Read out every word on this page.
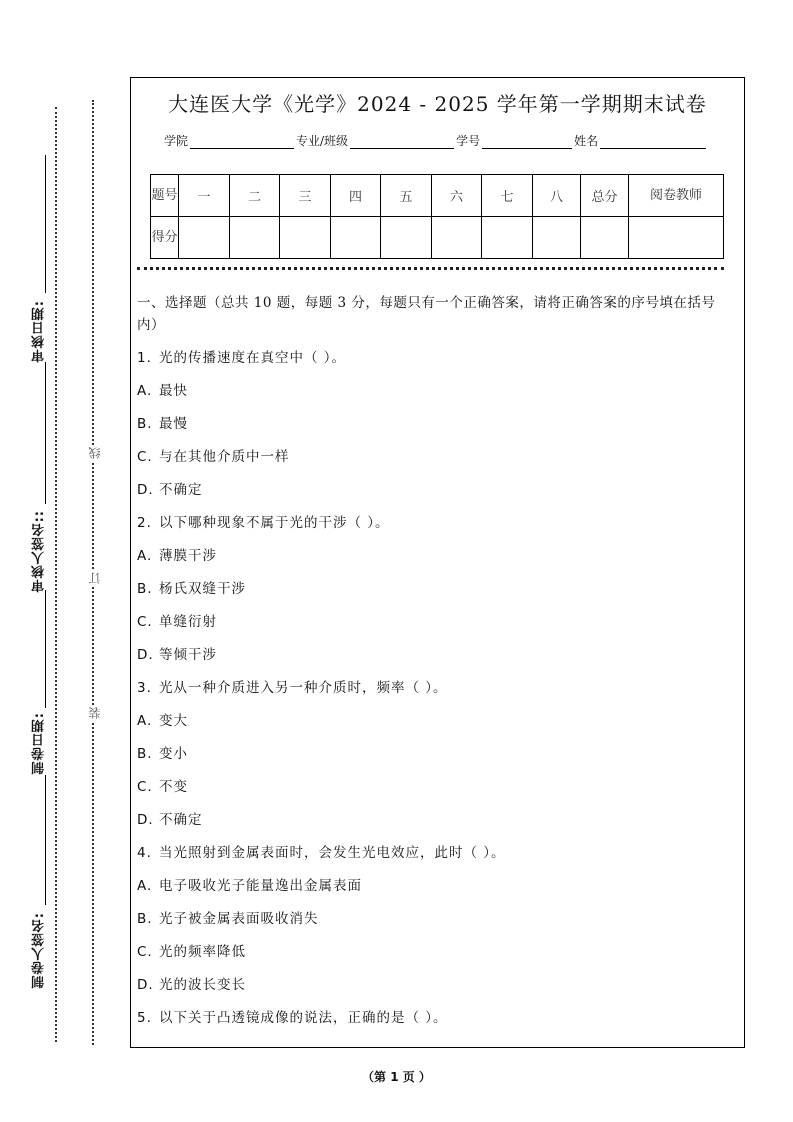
审核日期:
审核人签名::
制卷日期:
制卷人签名:
线
订
装
大连医大学《光学》2024 - 2025 学年第一学期期末试卷
学院	专业/班级	学号	姓名
题号	一	二	三	四	五	六	七	八	总分	阅卷教师
得分										
一、选择题（总共 10 题，每题 3 分，每题只有一个正确答案，请将正确答案的序号填在括号内）
1. 光的传播速度在真空中（ ）。
A. 最快
B. 最慢
C. 与在其他介质中一样
D. 不确定
2. 以下哪种现象不属于光的干涉（ ）。
A. 薄膜干涉
B. 杨氏双缝干涉
C. 单缝衍射
D. 等倾干涉
3. 光从一种介质进入另一种介质时，频率（ ）。
A. 变大
B. 变小
C. 不变
D. 不确定
4. 当光照射到金属表面时，会发生光电效应，此时（ ）。
A. 电子吸收光子能量逸出金属表面
B. 光子被金属表面吸收消失
C. 光的频率降低
D. 光的波长变长
5. 以下关于凸透镜成像的说法，正确的是（ ）。
（第 1 页 ）
